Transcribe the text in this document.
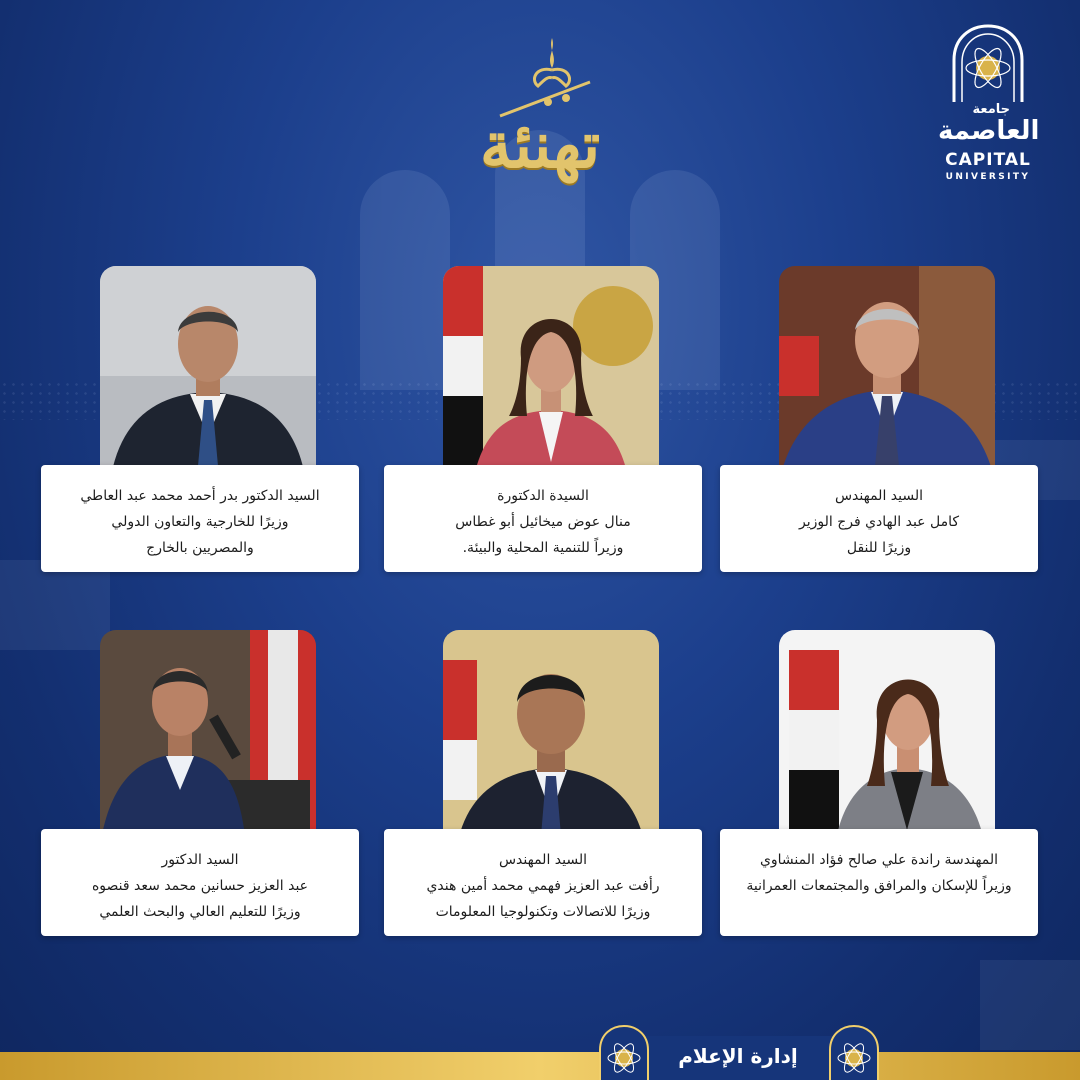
تهنئة	جامعة
العاصمة
CAPITAL
UNIVERSITY

السيد الدكتور بدر أحمد محمد عبد العاطي

وزيرًا للخارجية والتعاون الدولي

والمصريين بالخارج

السيدة الدكتورة

منال عوض ميخائيل أبو غطاس

وزيراً للتنمية المحلية والبيئة.

السيد المهندس

كامل عبد الهادي فرج الوزير

وزيرًا للنقل

السيد الدكتور

عبد العزيز حسانين محمد سعد قنصوه

وزيرًا للتعليم العالي والبحث العلمي

السيد المهندس

رأفت عبد العزيز فهمي محمد أمين هندي

وزيرًا للاتصالات وتكنولوجيا المعلومات

المهندسة راندة علي صالح فؤاد المنشاوي

وزيراً للإسكان والمرافق والمجتمعات العمرانية

إدارة الإعلام
